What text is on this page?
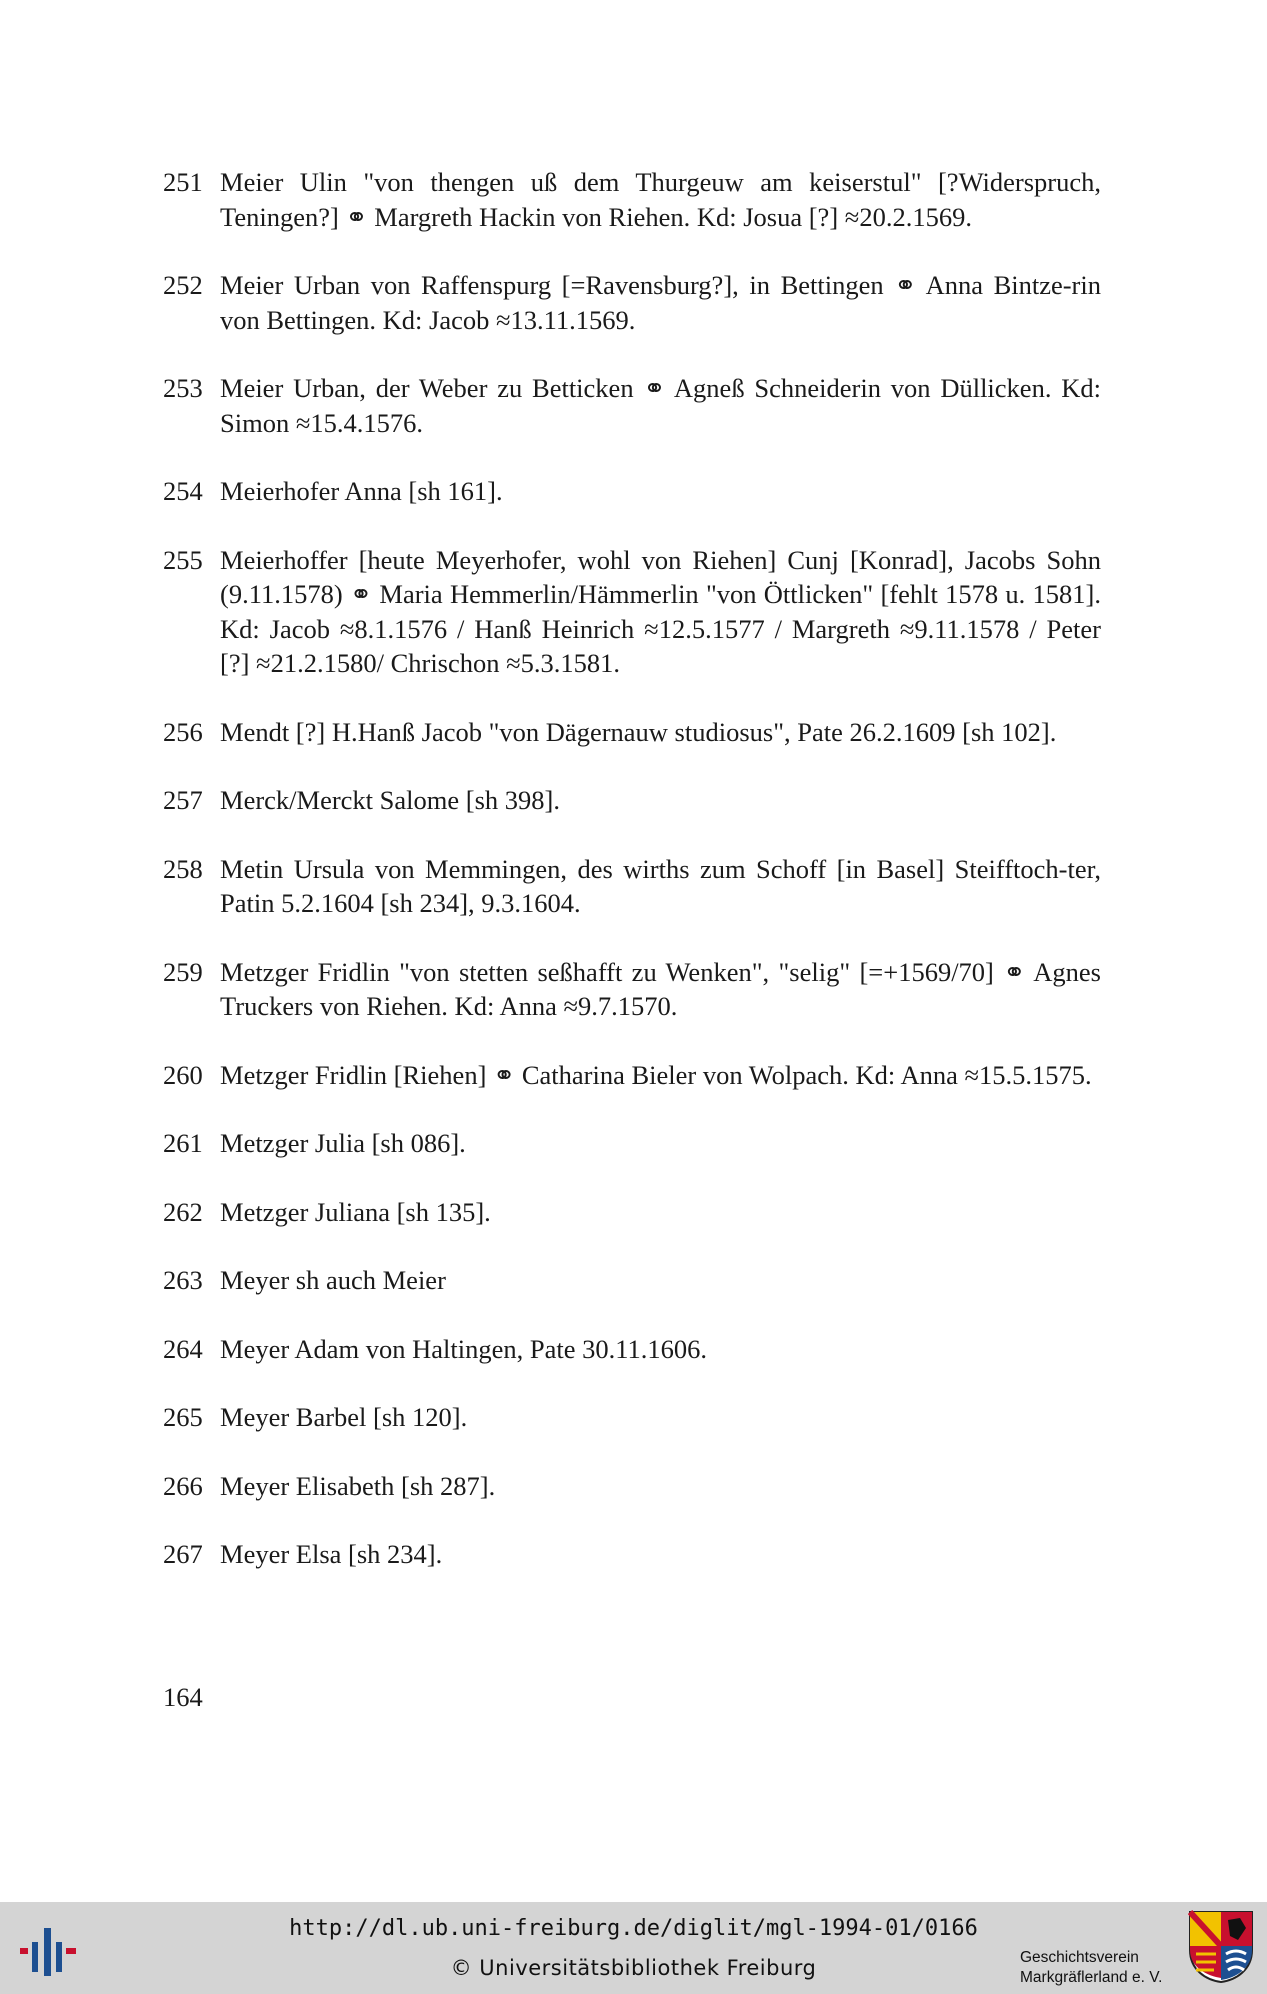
251 Meier Ulin "von thengen uß dem Thurgeuw am keiserstul" [?Widerspruch, Teningen?] ⚭ Margreth Hackin von Riehen. Kd: Josua [?] ≈20.2.1569.
252 Meier Urban von Raffenspurg [=Ravensburg?], in Bettingen ⚭ Anna Bintze-rin von Bettingen. Kd: Jacob ≈13.11.1569.
253 Meier Urban, der Weber zu Betticken ⚭ Agneß Schneiderin von Düllicken. Kd: Simon ≈15.4.1576.
254 Meierhofer Anna [sh 161].
255 Meierhoffer [heute Meyerhofer, wohl von Riehen] Cunj [Konrad], Jacobs Sohn (9.11.1578) ⚭ Maria Hemmerlin/Hämmerlin "von Öttlicken" [fehlt 1578 u. 1581]. Kd: Jacob ≈8.1.1576 / Hanß Heinrich ≈12.5.1577 / Margreth ≈9.11.1578 / Peter [?] ≈21.2.1580/ Chrischon ≈5.3.1581.
256 Mendt [?] H.Hanß Jacob "von Dägernauw studiosus", Pate 26.2.1609 [sh 102].
257 Merck/Merckt Salome [sh 398].
258 Metin Ursula von Memmingen, des wirths zum Schoff [in Basel] Steifftoch-ter, Patin 5.2.1604 [sh 234], 9.3.1604.
259 Metzger Fridlin "von stetten seßhafft zu Wenken", "selig" [=+1569/70] ⚭ Agnes Truckers von Riehen. Kd: Anna ≈9.7.1570.
260 Metzger Fridlin [Riehen] ⚭ Catharina Bieler von Wolpach. Kd: Anna ≈15.5.1575.
261 Metzger Julia [sh 086].
262 Metzger Juliana [sh 135].
263 Meyer sh auch Meier
264 Meyer Adam von Haltingen, Pate 30.11.1606.
265 Meyer Barbel [sh 120].
266 Meyer Elisabeth [sh 287].
267 Meyer Elsa [sh 234].
164
http://dl.ub.uni-freiburg.de/diglit/mgl-1994-01/0166
© Universitätsbibliothek Freiburg	Geschichtsverein
Markgräflerland e. V.
